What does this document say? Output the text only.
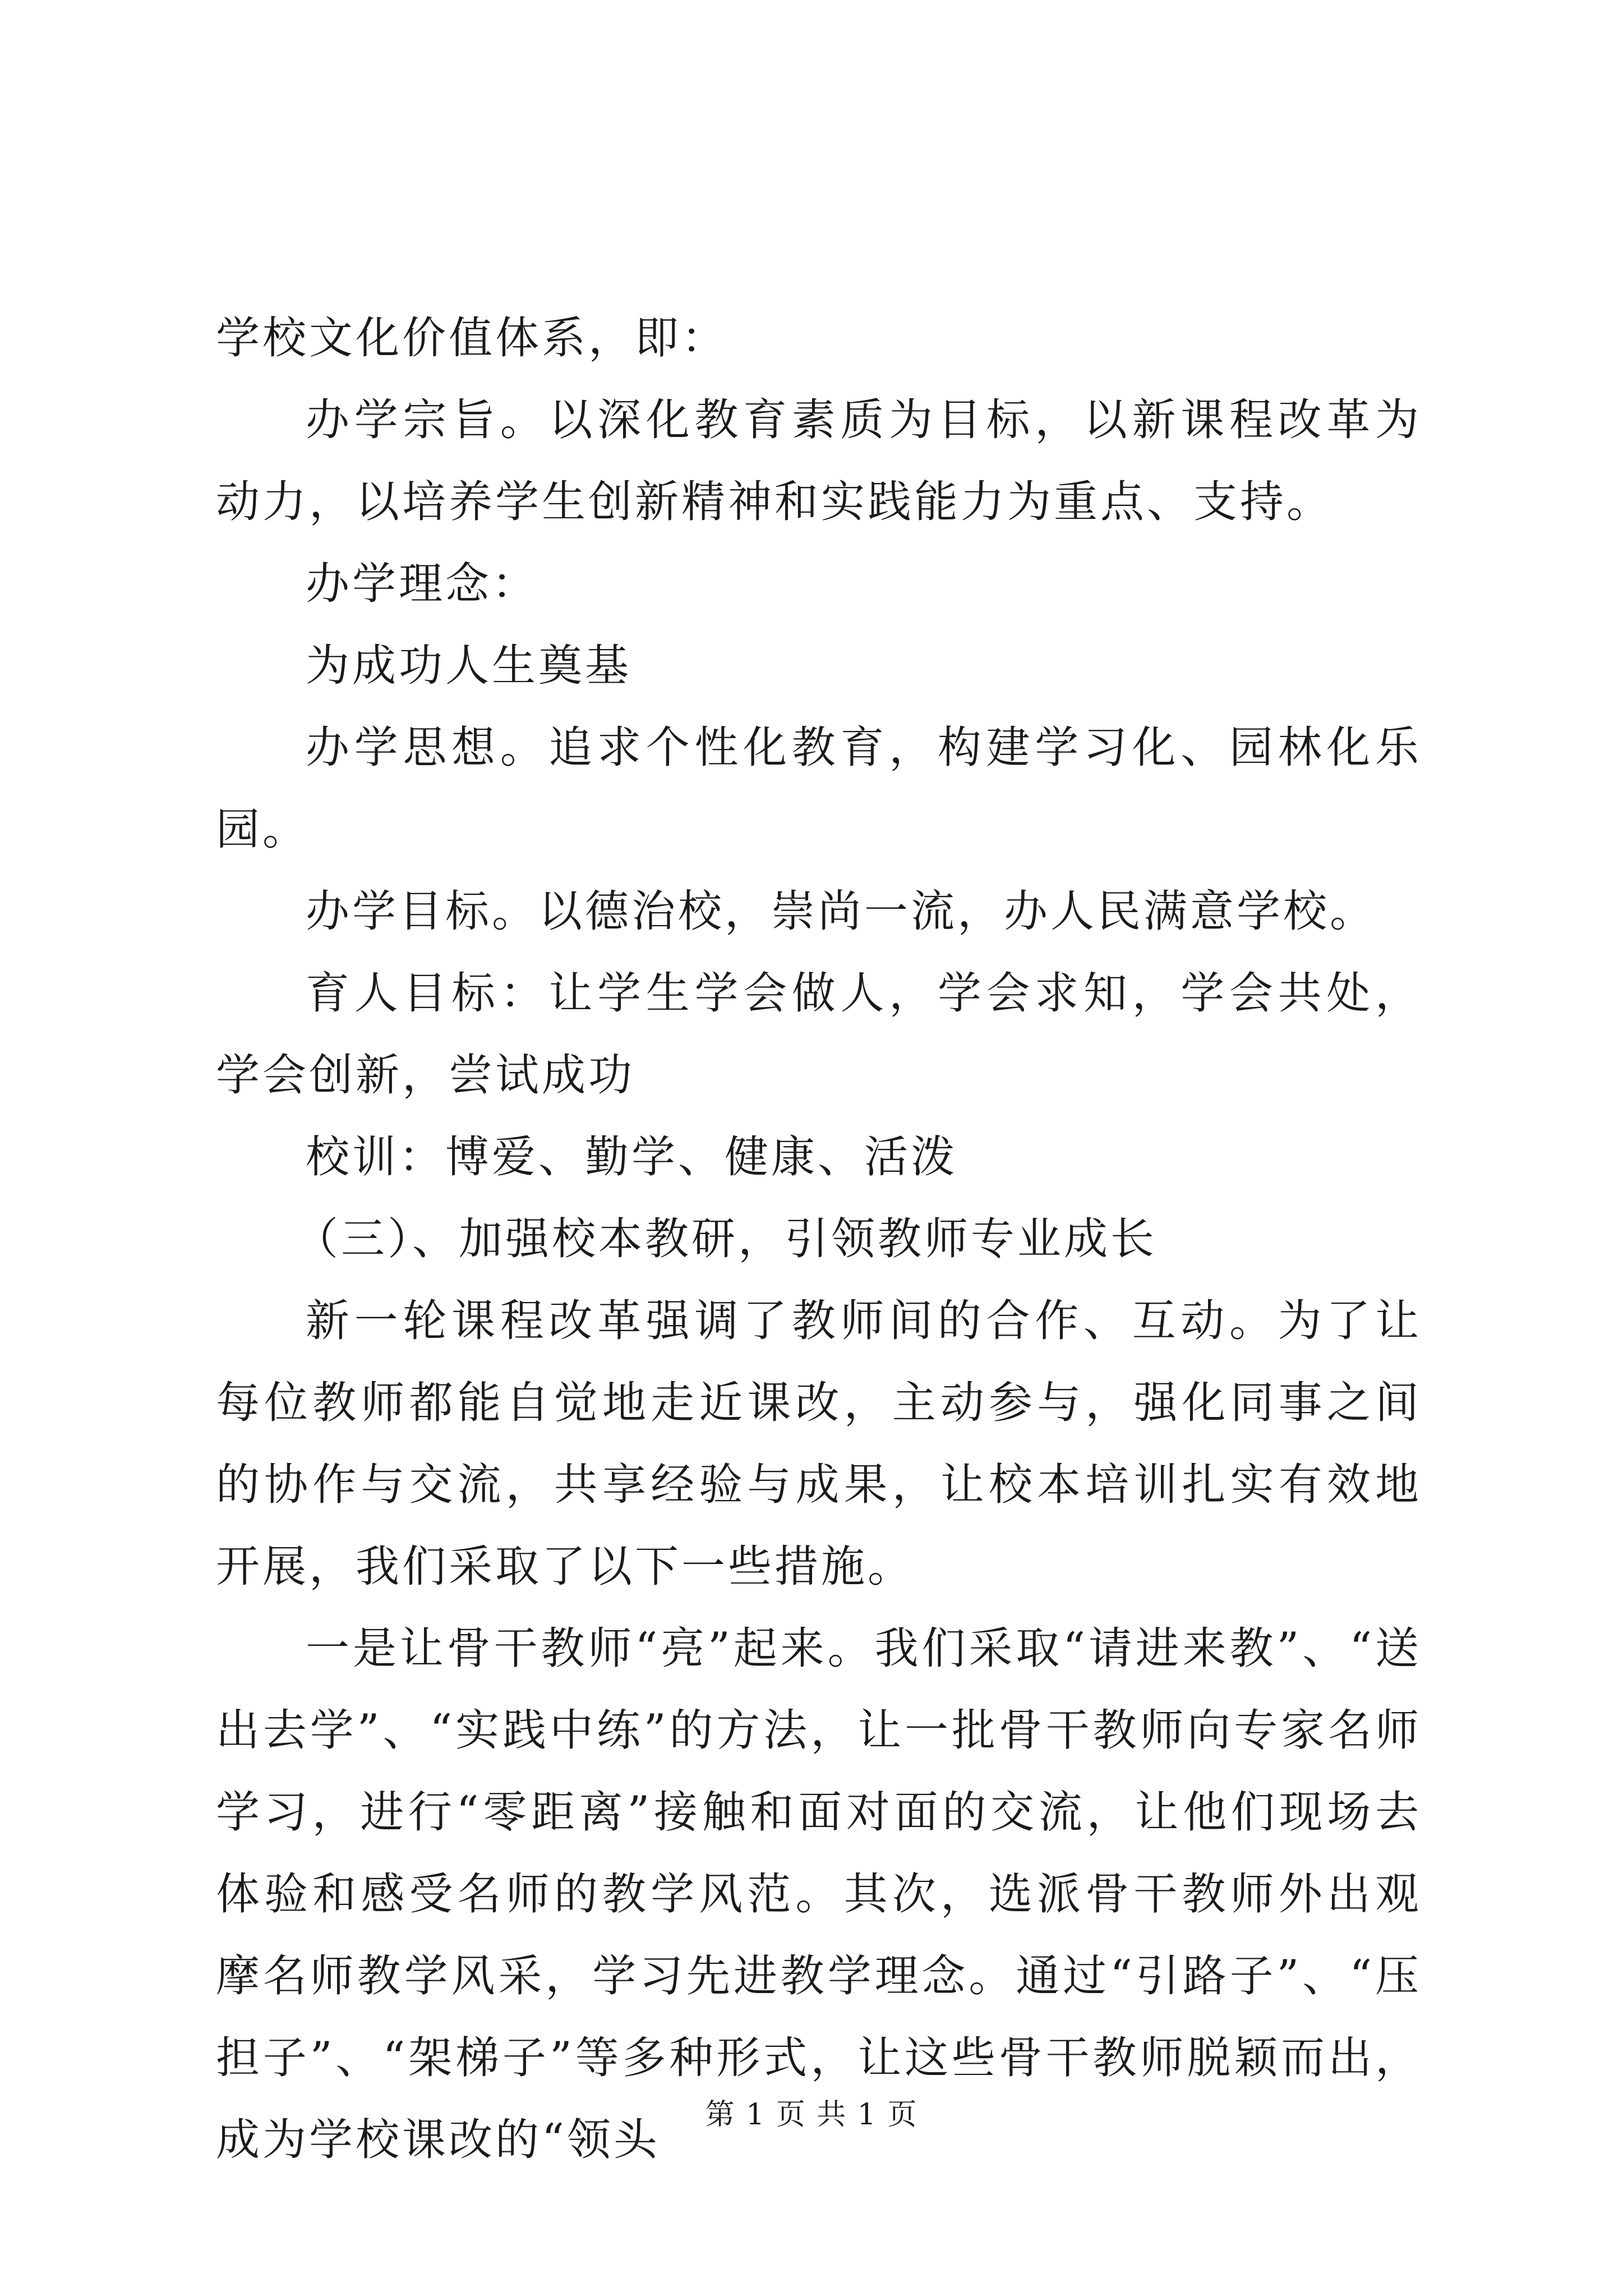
学校文化价值体系，即：

办学宗旨。以深化教育素质为目标，以新课程改革为动力，以培养学生创新精神和实践能力为重点、支持。

办学理念：

为成功人生奠基

办学思想。追求个性化教育，构建学习化、园林化乐园。

办学目标。以德治校，崇尚一流，办人民满意学校。

育人目标：让学生学会做人，学会求知，学会共处，学会创新，尝试成功

校训：博爱、勤学、健康、活泼

（三）、加强校本教研，引领教师专业成长

新一轮课程改革强调了教师间的合作、互动。为了让每位教师都能自觉地走近课改，主动参与，强化同事之间的协作与交流，共享经验与成果，让校本培训扎实有效地开展，我们采取了以下一些措施。

一是让骨干教师“亮”起来。我们采取“请进来教”、“送出去学”、“实践中练”的方法，让一批骨干教师向专家名师学习，进行“零距离”接触和面对面的交流，让他们现场去体验和感受名师的教学风范。其次，选派骨干教师外出观摩名师教学风采，学习先进教学理念。通过“引路子”、“压担子”、“架梯子”等多种形式，让这些骨干教师脱颖而出，成为学校课改的“领头	第 1 页 共 1 页
